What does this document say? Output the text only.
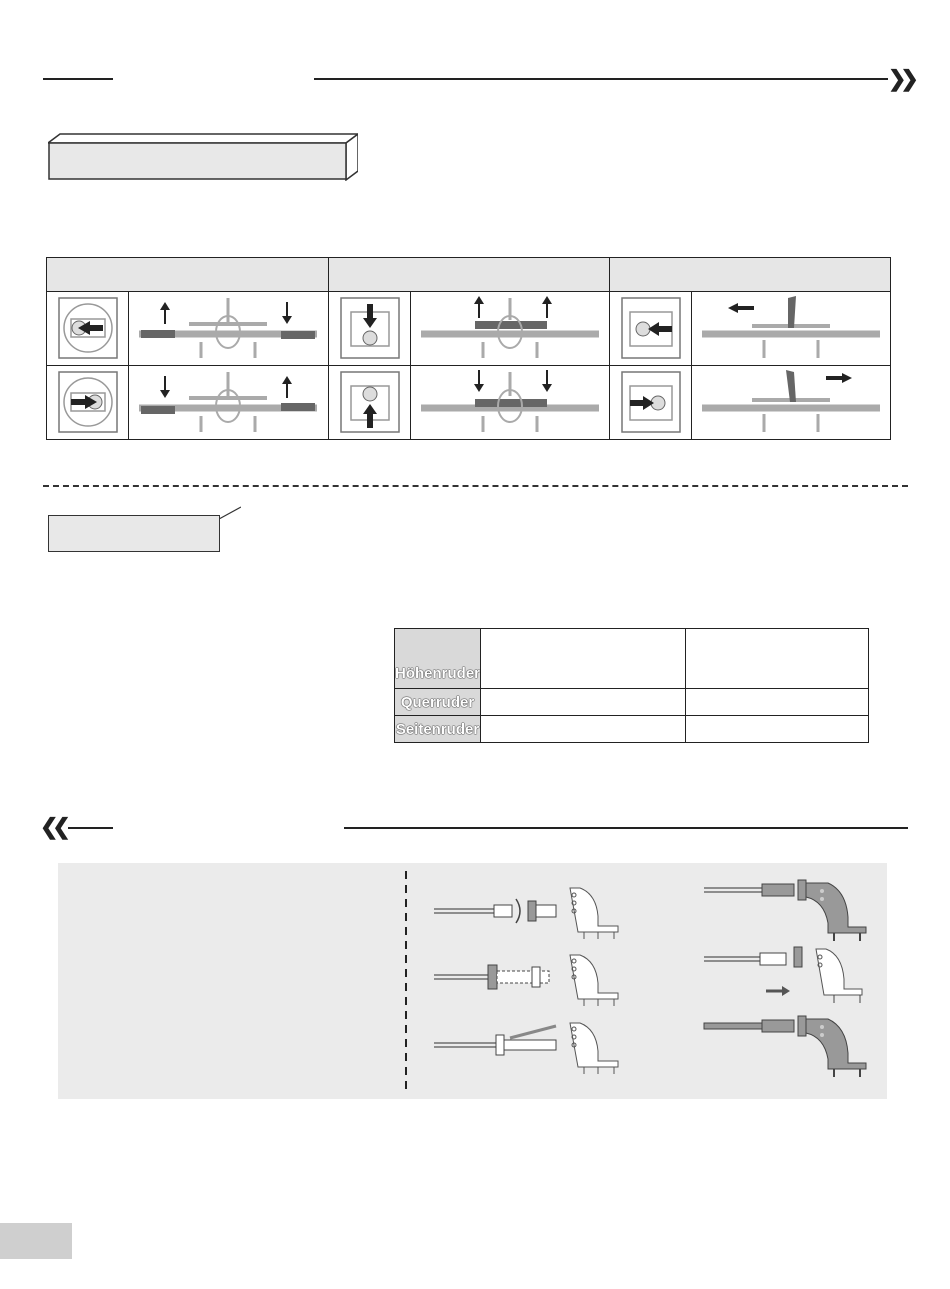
❯❯
Höhenruder		
Querruder		
Seitenruder		
❮❮
